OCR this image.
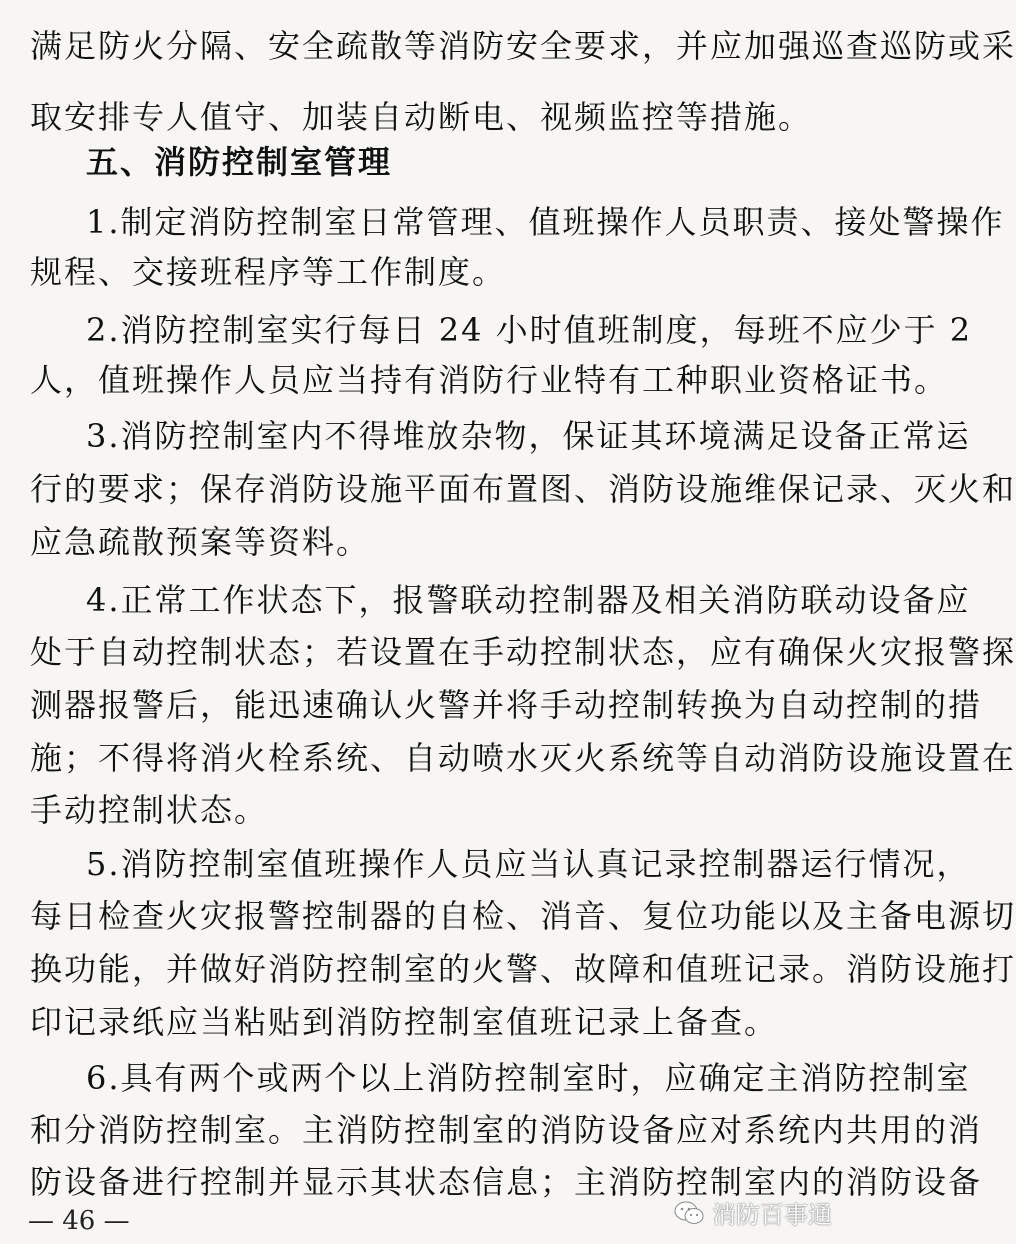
满足防火分隔、安全疏散等消防安全要求，并应加强巡查巡防或采
取安排专人值守、加装自动断电、视频监控等措施。
五、消防控制室管理
1.制定消防控制室日常管理、值班操作人员职责、接处警操作
规程、交接班程序等工作制度。
2.消防控制室实行每日 24 小时值班制度，每班不应少于 2
人，值班操作人员应当持有消防行业特有工种职业资格证书。
3.消防控制室内不得堆放杂物，保证其环境满足设备正常运
行的要求；保存消防设施平面布置图、消防设施维保记录、灭火和
应急疏散预案等资料。
4.正常工作状态下，报警联动控制器及相关消防联动设备应
处于自动控制状态；若设置在手动控制状态，应有确保火灾报警探
测器报警后，能迅速确认火警并将手动控制转换为自动控制的措
施；不得将消火栓系统、自动喷水灭火系统等自动消防设施设置在
手动控制状态。
5.消防控制室值班操作人员应当认真记录控制器运行情况，
每日检查火灾报警控制器的自检、消音、复位功能以及主备电源切
换功能，并做好消防控制室的火警、故障和值班记录。消防设施打
印记录纸应当粘贴到消防控制室值班记录上备查。
6.具有两个或两个以上消防控制室时，应确定主消防控制室
和分消防控制室。主消防控制室的消防设备应对系统内共用的消
防设备进行控制并显示其状态信息；主消防控制室内的消防设备
— 46 —	消防百事通
